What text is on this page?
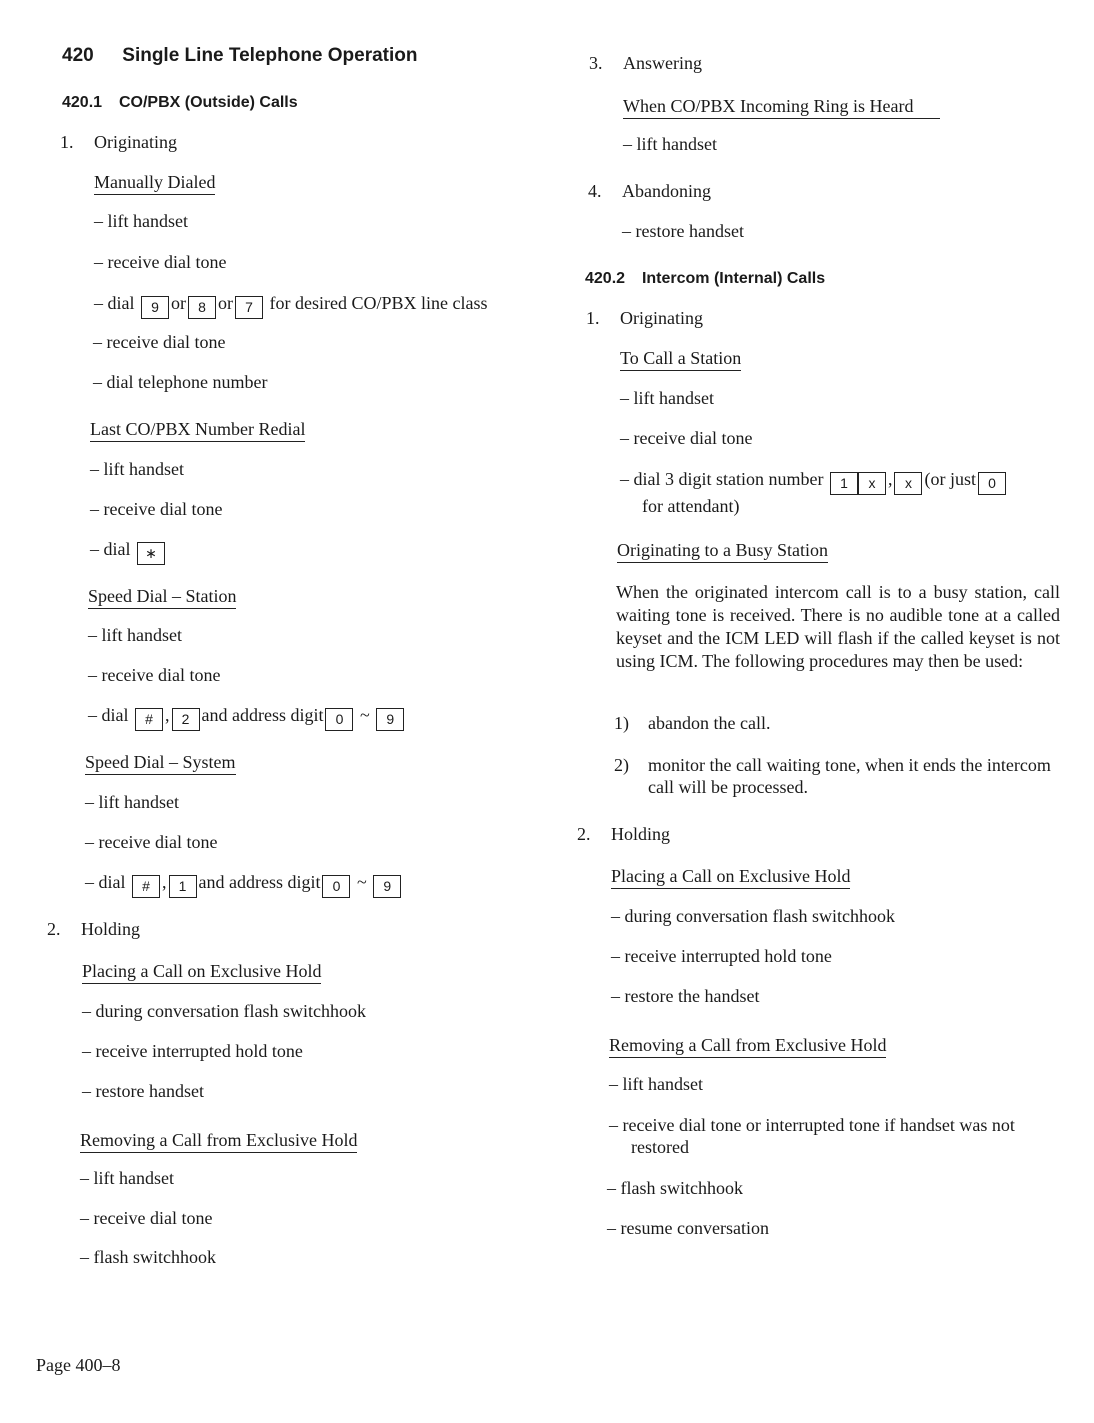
420 Single Line Telephone Operation
420.1 CO/PBX (Outside) Calls
1. Originating
Manually Dialed
– lift handset
– receive dial tone
– dial 9 or 8 or 7 for desired CO/PBX line class
– receive dial tone
– dial telephone number
Last CO/PBX Number Redial
– lift handset
– receive dial tone
– dial ∗
Speed Dial – Station
– lift handset
– receive dial tone
– dial # , 2 and address digit 0 ~ 9
Speed Dial – System
– lift handset
– receive dial tone
– dial # , 1 and address digit 0 ~ 9
2. Holding
Placing a Call on Exclusive Hold
– during conversation flash switchhook
– receive interrupted hold tone
– restore handset
Removing a Call from Exclusive Hold
– lift handset
– receive dial tone
– flash switchhook
Page 400–8
3. Answering
When CO/PBX Incoming Ring is Heard
– lift handset
4. Abandoning
– restore handset
420.2 Intercom (Internal) Calls
1. Originating
To Call a Station
– lift handset
– receive dial tone
– dial 3 digit station number 1 x , x (or just 0
for attendant)
Originating to a Busy Station
When the originated intercom call is to a busy station, call waiting tone is received. There is no audible tone at a called keyset and the ICM LED will flash if the called keyset is not using ICM. The following procedures may then be used:
1) abandon the call.
2)	monitor the call waiting tone, when it ends the intercom call will be processed.
2. Holding
Placing a Call on Exclusive Hold
– during conversation flash switchhook
– receive interrupted hold tone
– restore the handset
Removing a Call from Exclusive Hold
– lift handset
– receive dial tone or interrupted tone if handset was not restored
– flash switchhook
– resume conversation
